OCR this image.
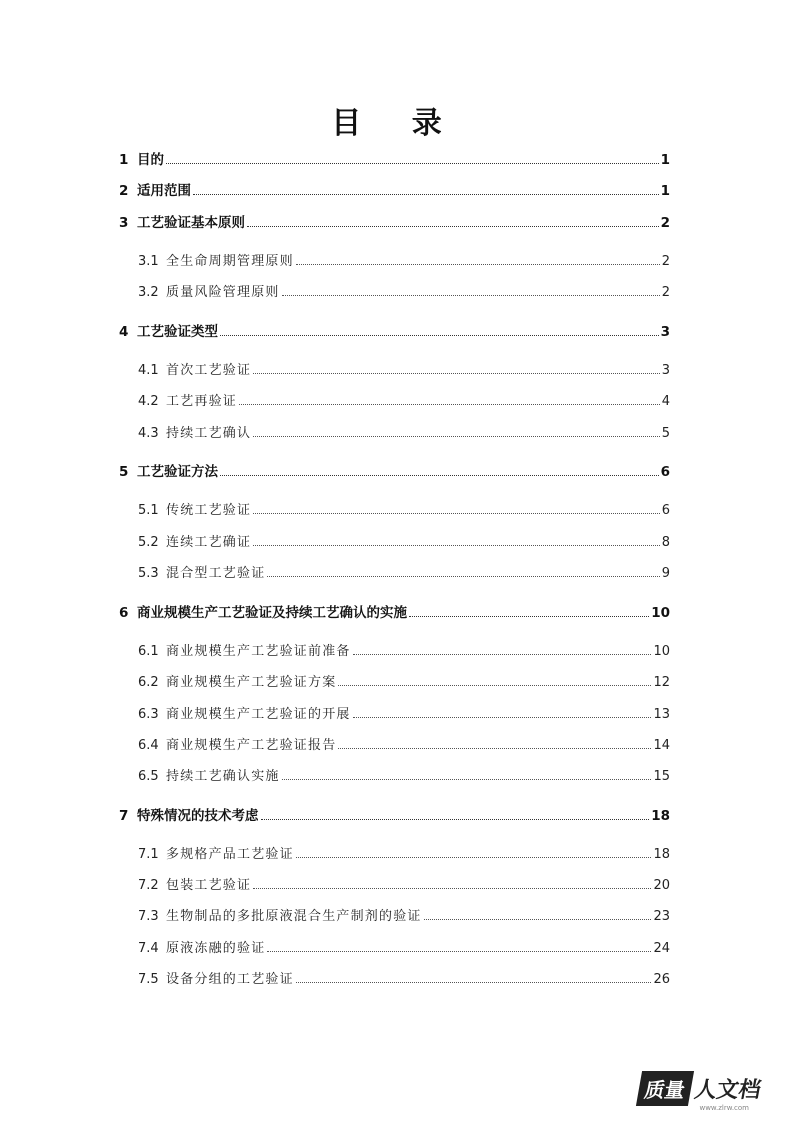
目 录
1 目的	1
2 适用范围	1
3 工艺验证基本原则	2
3.1 全生命周期管理原则	2
3.2 质量风险管理原则	2
4 工艺验证类型	3
4.1 首次工艺验证	3
4.2 工艺再验证	4
4.3 持续工艺确认	5
5 工艺验证方法	6
5.1 传统工艺验证	6
5.2 连续工艺确证	8
5.3 混合型工艺验证	9
6 商业规模生产工艺验证及持续工艺确认的实施	10
6.1 商业规模生产工艺验证前准备	10
6.2 商业规模生产工艺验证方案	12
6.3 商业规模生产工艺验证的开展	13
6.4 商业规模生产工艺验证报告	14
6.5 持续工艺确认实施	15
7 特殊情况的技术考虑	18
7.1 多规格产品工艺验证	18
7.2 包装工艺验证	20
7.3 生物制品的多批原液混合生产制剂的验证	23
7.4 原液冻融的验证	24
7.5 设备分组的工艺验证	26
质量 人文档
www.zlrw.com
